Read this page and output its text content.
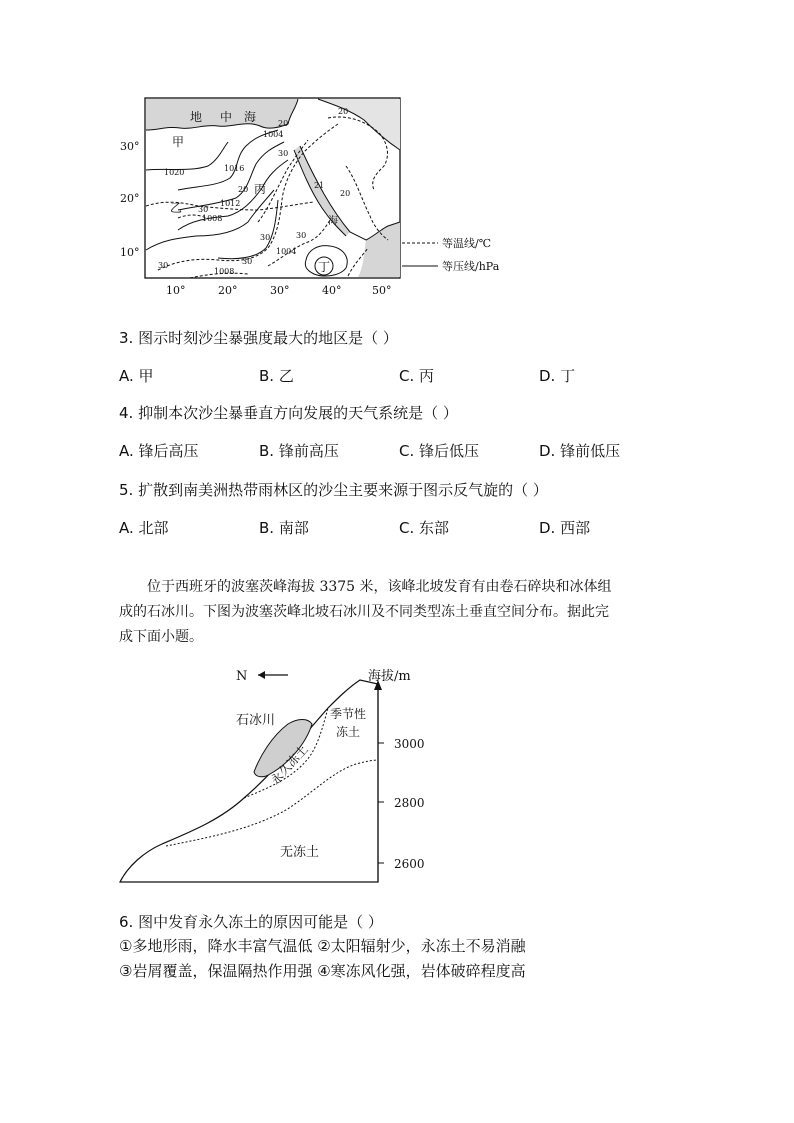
1004
1016
1020
1012
1008
1004
1008
20
30
20	21
20
30
30	30
30	30
20
地 中 海
甲
乙
丙
丁
海
30°
20°
10°
10°	20°	30°	40°	50°
等温线/℃
等压线/hPa
3. 图示时刻沙尘暴强度最大的地区是（ ）
A. 甲	B. 乙	C. 丙	D. 丁
4. 抑制本次沙尘暴垂直方向发展的天气系统是（ ）
A. 锋后高压	B. 锋前高压	C. 锋后低压	D. 锋前低压
5. 扩散到南美洲热带雨林区的沙尘主要来源于图示反气旋的（ ）
A. 北部	B. 南部	C. 东部	D. 西部
位于西班牙的波塞茨峰海拔 3375 米，该峰北坡发育有由卷石碎块和冰体组
成的石冰川。下图为波塞茨峰北坡石冰川及不同类型冻土垂直空间分布。据此完
成下面小题。
N	海拔/m
3000
2800
2600
石冰川	季节性
冻土
永久冻土
无冻土
6. 图中发育永久冻土的原因可能是（ ）
①多地形雨，降水丰富气温低 ②太阳辐射少，永冻土不易消融
③岩屑覆盖，保温隔热作用强 ④寒冻风化强，岩体破碎程度高
